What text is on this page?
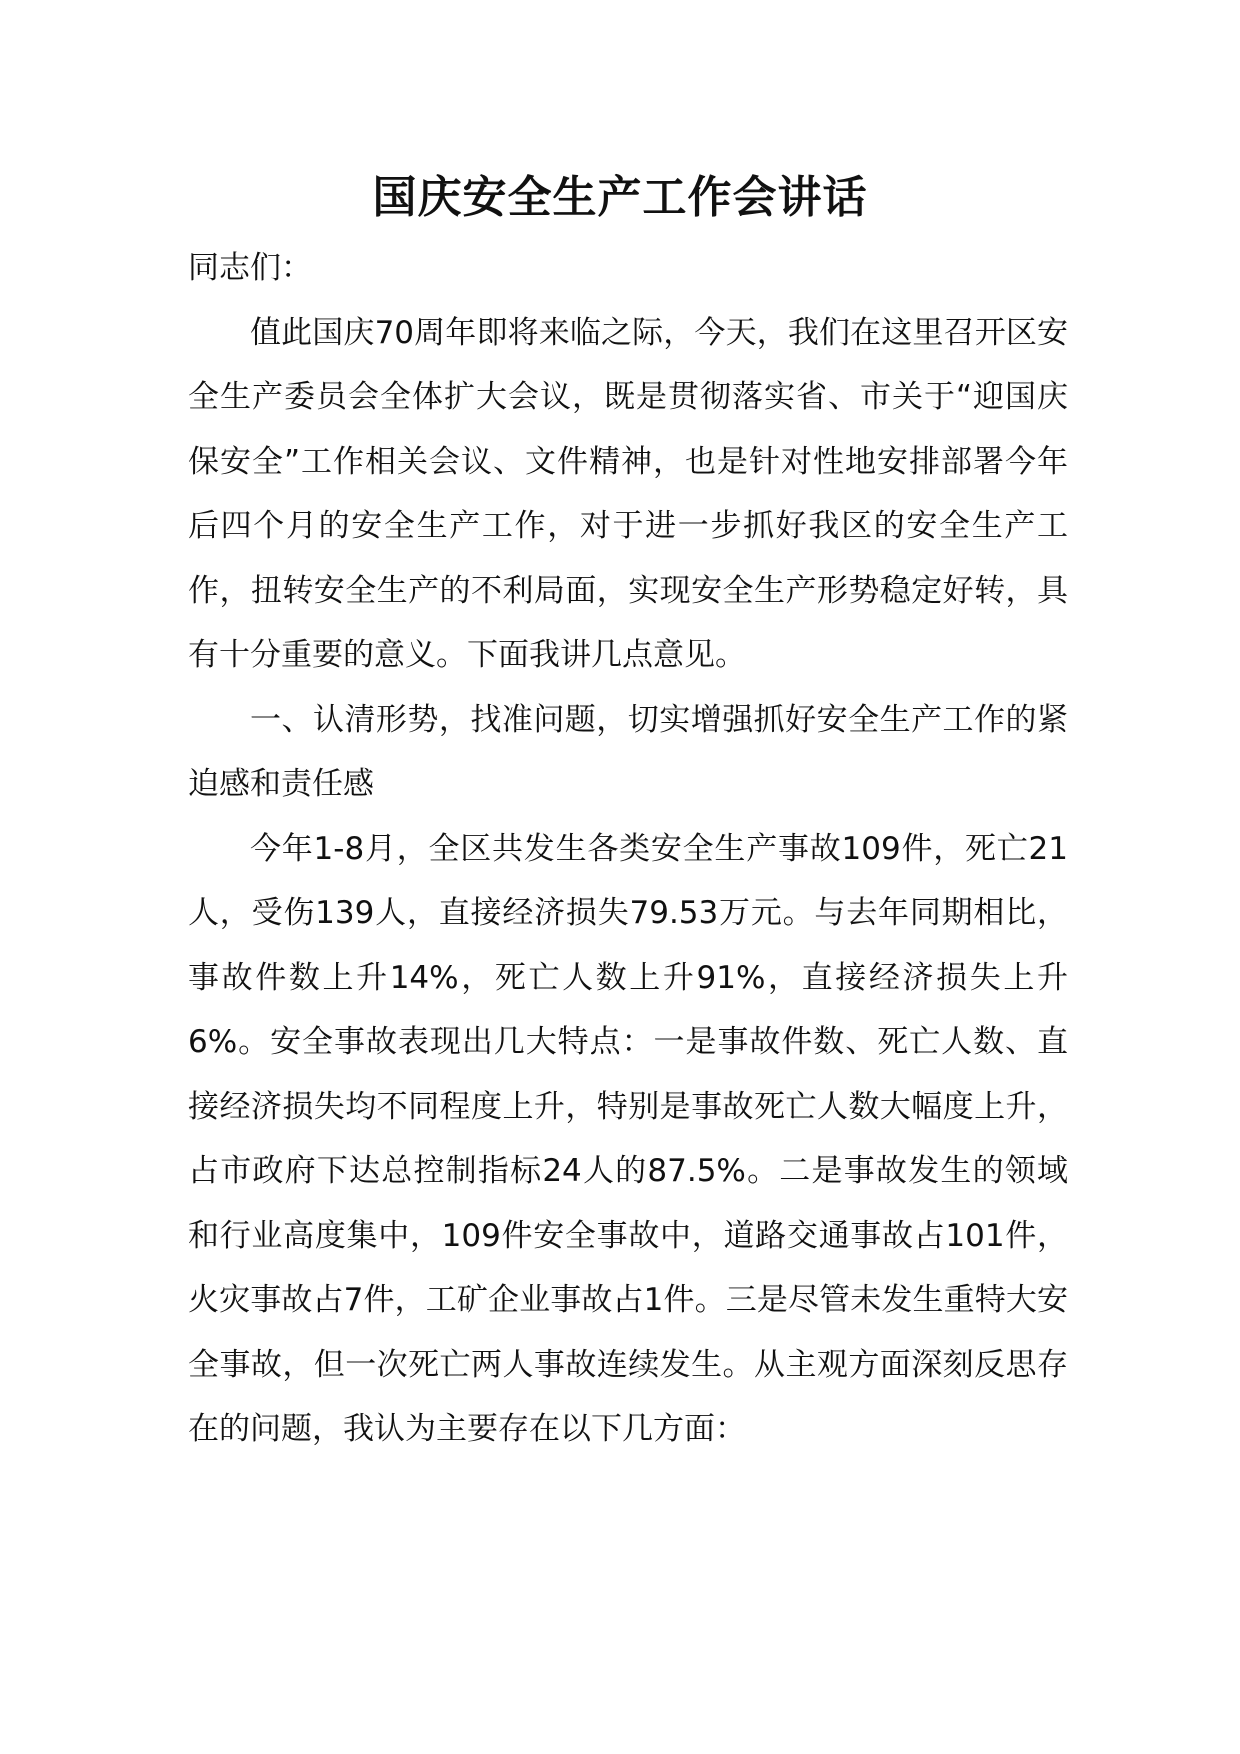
国庆安全生产工作会讲话

同志们：

值此国庆70周年即将来临之际，今天，我们在这里召开区安全生产委员会全体扩大会议，既是贯彻落实省、市关于“迎国庆保安全”工作相关会议、文件精神，也是针对性地安排部署今年后四个月的安全生产工作，对于进一步抓好我区的安全生产工作，扭转安全生产的不利局面，实现安全生产形势稳定好转，具有十分重要的意义。下面我讲几点意见。

一、认清形势，找准问题，切实增强抓好安全生产工作的紧迫感和责任感

今年1-8月，全区共发生各类安全生产事故109件，死亡21人，受伤139人，直接经济损失79.53万元。与去年同期相比，事故件数上升14%，死亡人数上升91%，直接经济损失上升6%。安全事故表现出几大特点：一是事故件数、死亡人数、直接经济损失均不同程度上升，特别是事故死亡人数大幅度上升，占市政府下达总控制指标24人的87.5%。二是事故发生的领域和行业高度集中，109件安全事故中，道路交通事故占101件，火灾事故占7件，工矿企业事故占1件。三是尽管未发生重特大安全事故，但一次死亡两人事故连续发生。从主观方面深刻反思存在的问题，我认为主要存在以下几方面：
